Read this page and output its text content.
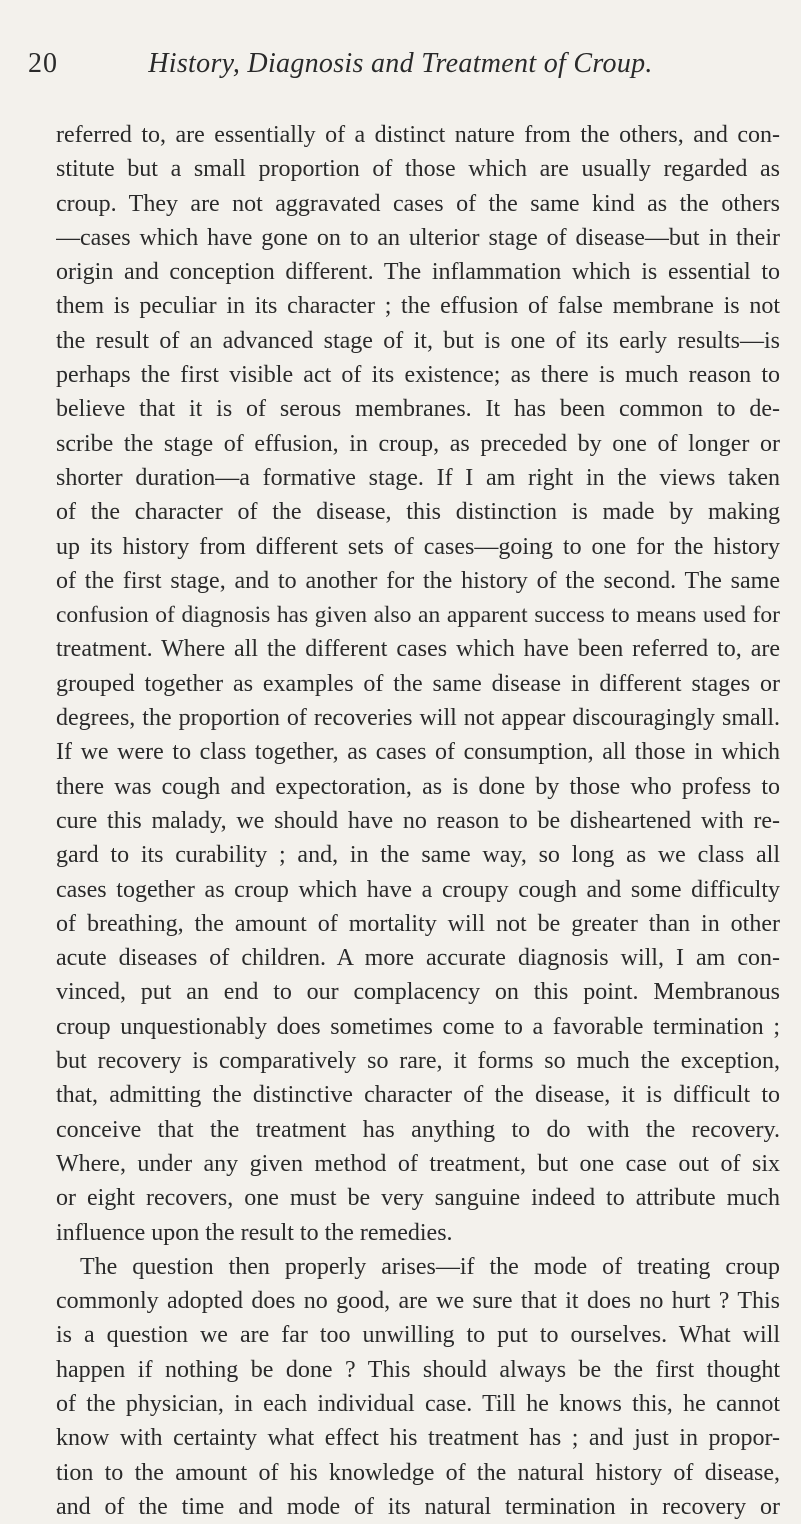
20	History, Diagnosis and Treatment of Croup.
referred to, are essentially of a distinct nature from the others, and con-
stitute but a small proportion of those which are usually regarded as
croup. They are not aggravated cases of the same kind as the others
—cases which have gone on to an ulterior stage of disease—but in their
origin and conception different. The inflammation which is essential to
them is peculiar in its character ; the effusion of false membrane is not
the result of an advanced stage of it, but is one of its early results—is
perhaps the first visible act of its existence; as there is much reason to
believe that it is of serous membranes. It has been common to de-
scribe the stage of effusion, in croup, as preceded by one of longer or
shorter duration—a formative stage. If I am right in the views taken
of the character of the disease, this distinction is made by making
up its history from different sets of cases—going to one for the history
of the first stage, and to another for the history of the second. The same
confusion of diagnosis has given also an apparent success to means used for
treatment. Where all the different cases which have been referred to, are
grouped together as examples of the same disease in different stages or
degrees, the proportion of recoveries will not appear discouragingly small.
If we were to class together, as cases of consumption, all those in which
there was cough and expectoration, as is done by those who profess to
cure this malady, we should have no reason to be disheartened with re-
gard to its curability ; and, in the same way, so long as we class all
cases together as croup which have a croupy cough and some difficulty
of breathing, the amount of mortality will not be greater than in other
acute diseases of children. A more accurate diagnosis will, I am con-
vinced, put an end to our complacency on this point. Membranous
croup unquestionably does sometimes come to a favorable termination ;
but recovery is comparatively so rare, it forms so much the exception,
that, admitting the distinctive character of the disease, it is difficult to
conceive that the treatment has anything to do with the recovery.
Where, under any given method of treatment, but one case out of six
or eight recovers, one must be very sanguine indeed to attribute much
influence upon the result to the remedies.
The question then properly arises—if the mode of treating croup
commonly adopted does no good, are we sure that it does no hurt ? This
is a question we are far too unwilling to put to ourselves. What will
happen if nothing be done ? This should always be the first thought
of the physician, in each individual case. Till he knows this, he cannot
know with certainty what effect his treatment has ; and just in propor-
tion to the amount of his knowledge of the natural history of disease,
and of the time and mode of its natural termination in recovery or
